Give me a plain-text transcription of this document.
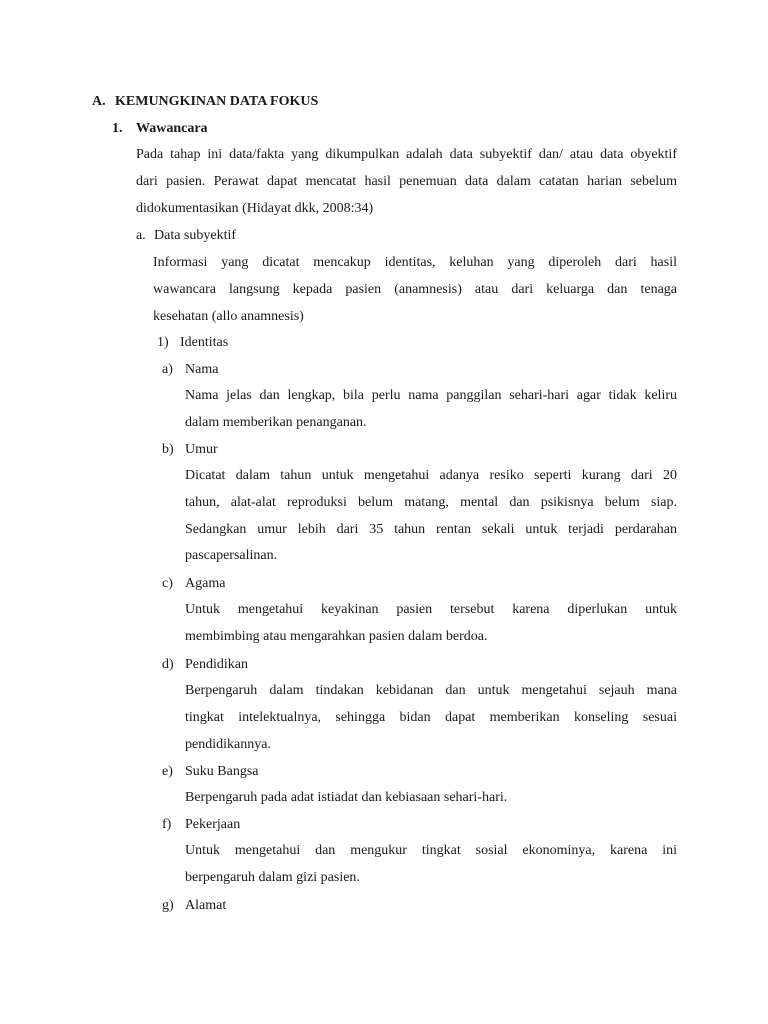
A. KEMUNGKINAN DATA FOKUS
1. Wawancara
Pada tahap ini data/fakta yang dikumpulkan adalah data subyektif dan/ atau data obyektif
dari pasien. Perawat dapat mencatat hasil penemuan data dalam catatan harian sebelum
didokumentasikan (Hidayat dkk, 2008:34)
a. Data subyektif
Informasi yang dicatat mencakup identitas, keluhan yang diperoleh dari hasil
wawancara langsung kepada pasien (anamnesis) atau dari keluarga dan tenaga
kesehatan (allo anamnesis)
1) Identitas
a) Nama
Nama jelas dan lengkap, bila perlu nama panggilan sehari-hari agar tidak keliru
dalam memberikan penanganan.
b) Umur
Dicatat dalam tahun untuk mengetahui adanya resiko seperti kurang dari 20
tahun, alat-alat reproduksi belum matang, mental dan psikisnya belum siap.
Sedangkan umur lebih dari 35 tahun rentan sekali untuk terjadi perdarahan
pascapersalinan.
c) Agama
Untuk mengetahui keyakinan pasien tersebut karena diperlukan untuk
membimbing atau mengarahkan pasien dalam berdoa.
d) Pendidikan
Berpengaruh dalam tindakan kebidanan dan untuk mengetahui sejauh mana
tingkat intelektualnya, sehingga bidan dapat memberikan konseling sesuai
pendidikannya.
e) Suku Bangsa
Berpengaruh pada adat istiadat dan kebiasaan sehari-hari.
f) Pekerjaan
Untuk mengetahui dan mengukur tingkat sosial ekonominya, karena ini
berpengaruh dalam gizi pasien.
g) Alamat
